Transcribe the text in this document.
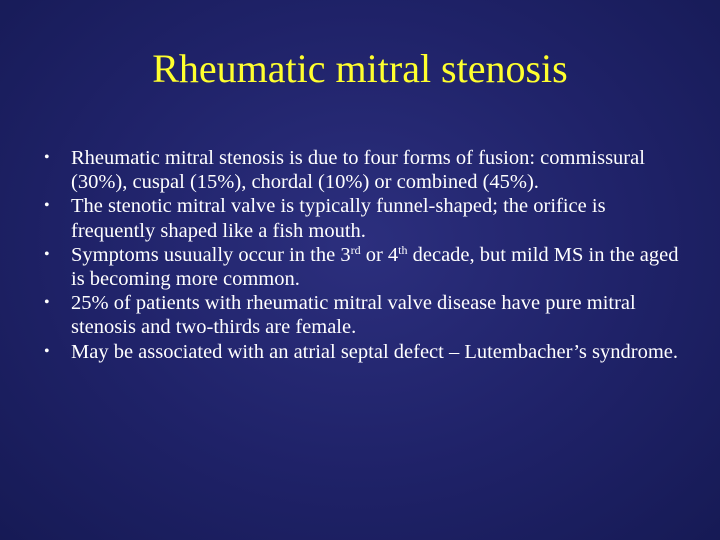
Rheumatic mitral stenosis
•	Rheumatic mitral stenosis is due to four forms of fusion: commissural (30%), cuspal (15%), chordal (10%) or combined (45%).
•	The stenotic mitral valve is typically funnel-shaped; the orifice is frequently shaped like a fish mouth.
•	Symptoms usuually occur in the 3rd or 4th decade, but mild MS in the aged is becoming more common.
•	25% of patients with rheumatic mitral valve disease have pure mitral stenosis and two-thirds are female.
•	May be associated with an atrial septal defect – Lutembacher’s syndrome.
